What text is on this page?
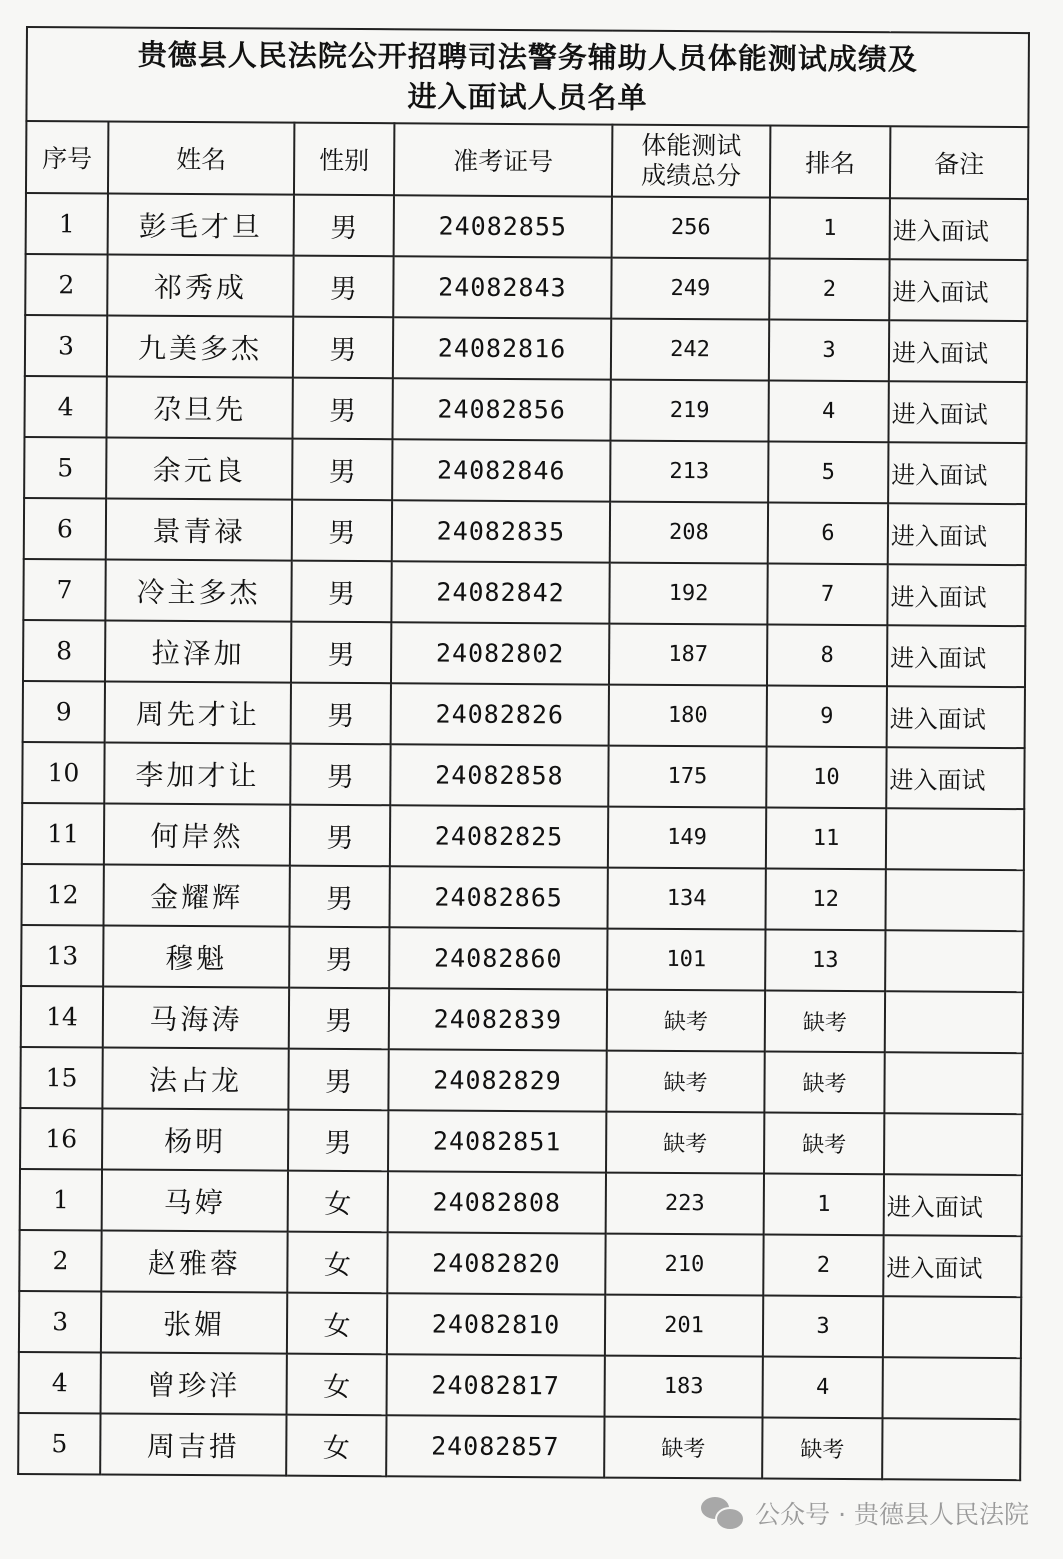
贵德县人民法院公开招聘司法警务辅助人员体能测试成绩及
进入面试人员名单						

序号	姓名	性别	准考证号	体能测试
成绩总分	排名	备注
1	彭毛才旦	男	24082855	256	1	进入面试
2	祁秀成	男	24082843	249	2	进入面试
3	九美多杰	男	24082816	242	3	进入面试
4	尕旦先	男	24082856	219	4	进入面试
5	余元良	男	24082846	213	5	进入面试
6	景青禄	男	24082835	208	6	进入面试
7	冷主多杰	男	24082842	192	7	进入面试
8	拉泽加	男	24082802	187	8	进入面试
9	周先才让	男	24082826	180	9	进入面试
10	李加才让	男	24082858	175	10	进入面试
11	何岸然	男	24082825	149	11	
12	金耀辉	男	24082865	134	12	
13	穆魁	男	24082860	101	13	
14	马海涛	男	24082839	缺考	缺考	
15	法占龙	男	24082829	缺考	缺考	
16	杨明	男	24082851	缺考	缺考	
1	马婷	女	24082808	223	1	进入面试
2	赵雅蓉	女	24082820	210	2	进入面试
3	张媚	女	24082810	201	3	
4	曾珍洋	女	24082817	183	4	
5	周吉措	女	24082857	缺考	缺考	
公众号 · 贵德县人民法院
